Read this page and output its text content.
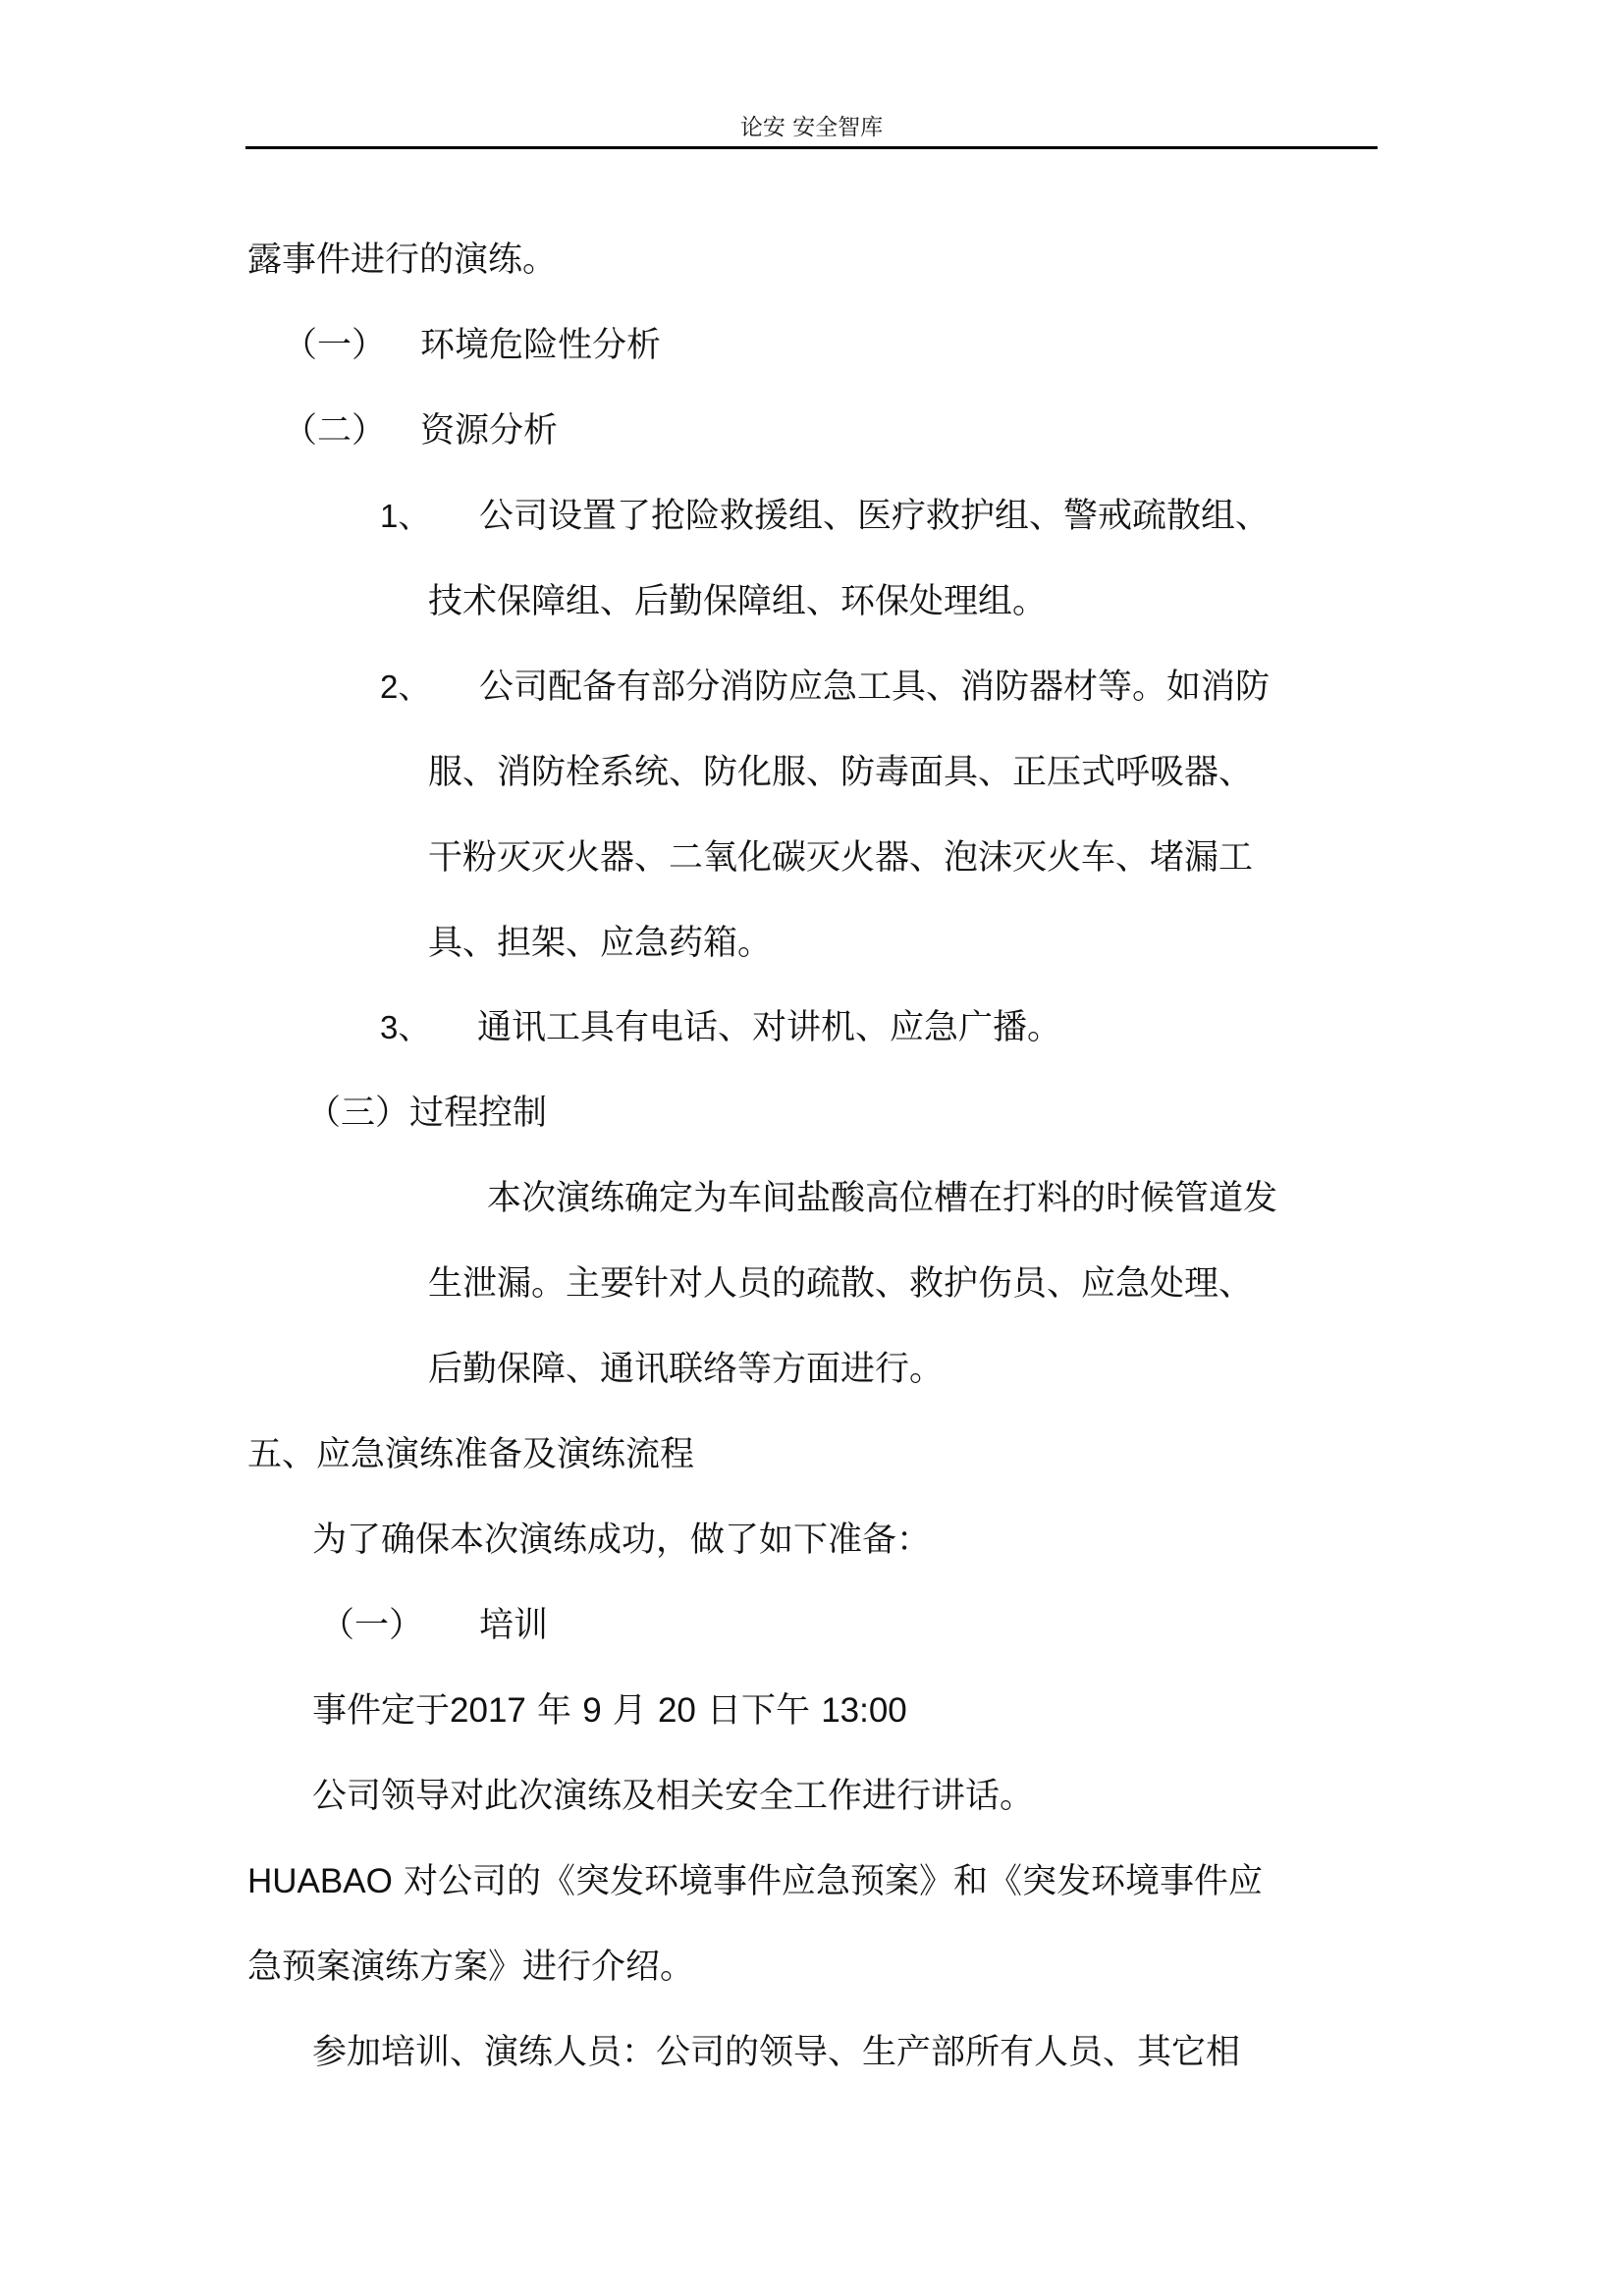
论安 安全智库
露事件进行的演练。
（一） 环境危险性分析
（二） 资源分析
1、 公司设置了抢险救援组、医疗救护组、警戒疏散组、
技术保障组、后勤保障组、环保处理组。
2、 公司配备有部分消防应急工具、消防器材等。如消防
服、消防栓系统、防化服、防毒面具、正压式呼吸器、
干粉灭灭火器、二氧化碳灭火器、泡沫灭火车、堵漏工
具、担架、应急药箱。
3、 通讯工具有电话、对讲机、应急广播。
（三）过程控制
本次演练确定为车间盐酸高位槽在打料的时候管道发
生泄漏。主要针对人员的疏散、救护伤员、应急处理、
后勤保障、通讯联络等方面进行。
五、应急演练准备及演练流程
为了确保本次演练成功，做了如下准备：
（一） 培训
事件定于2017 年 9 月 20 日下午 13:00
公司领导对此次演练及相关安全工作进行讲话。
HUABAO 对公司的《突发环境事件应急预案》和《突发环境事件应
急预案演练方案》进行介绍。
参加培训、演练人员：公司的领导、生产部所有人员、其它相
